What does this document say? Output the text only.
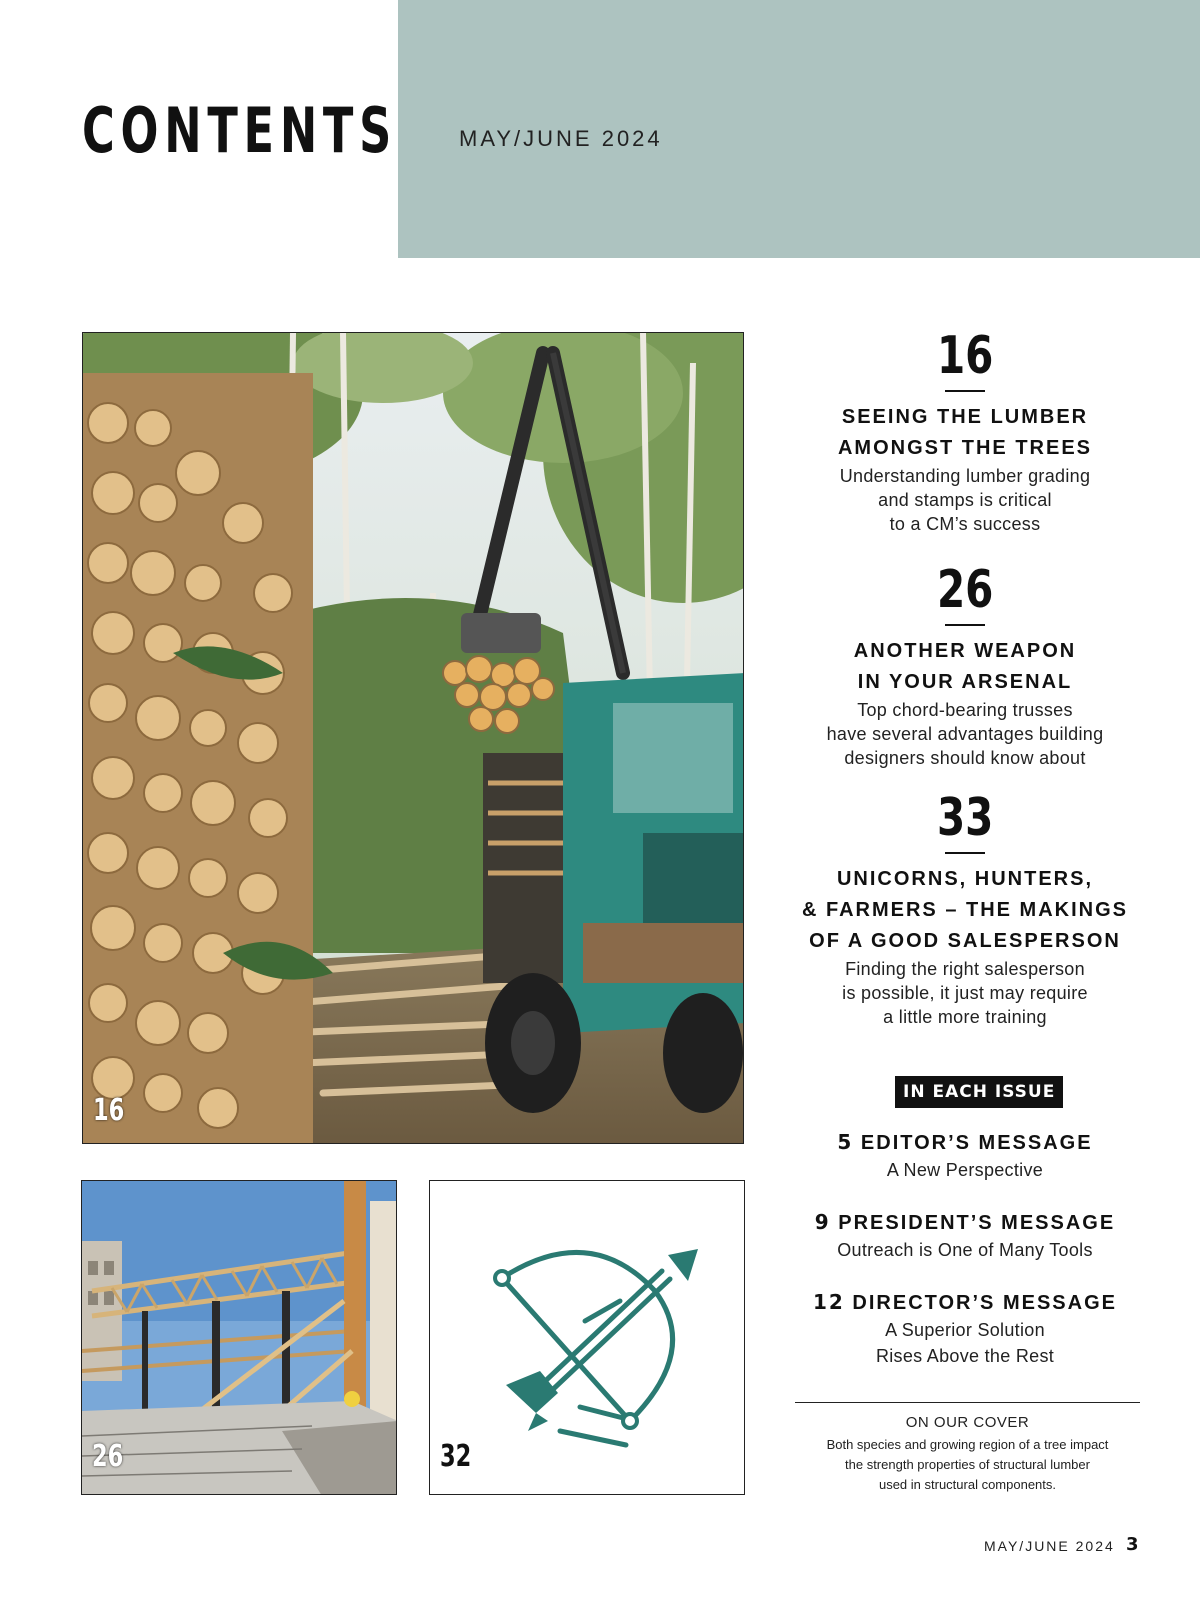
CONTENTS	MAY/JUNE 2024
16
26	32
16
SEEING THE LUMBER
AMONGST THE TREES
Understanding lumber grading
and stamps is critical
to a CM’s success
26
ANOTHER WEAPON
IN YOUR ARSENAL
Top chord-bearing trusses
have several advantages building
designers should know about
33
UNICORNS, HUNTERS,
& FARMERS – THE MAKINGS
OF A GOOD SALESPERSON
Finding the right salesperson
is possible, it just may require
a little more training
IN EACH ISSUE
5 EDITOR’S MESSAGE
A New Perspective
9 PRESIDENT’S MESSAGE
Outreach is One of Many Tools
12 DIRECTOR’S MESSAGE
A Superior Solution
Rises Above the Rest
ON OUR COVER
Both species and growing region of a tree impact
the strength properties of structural lumber
used in structural components.
MAY/JUNE 2024 3
